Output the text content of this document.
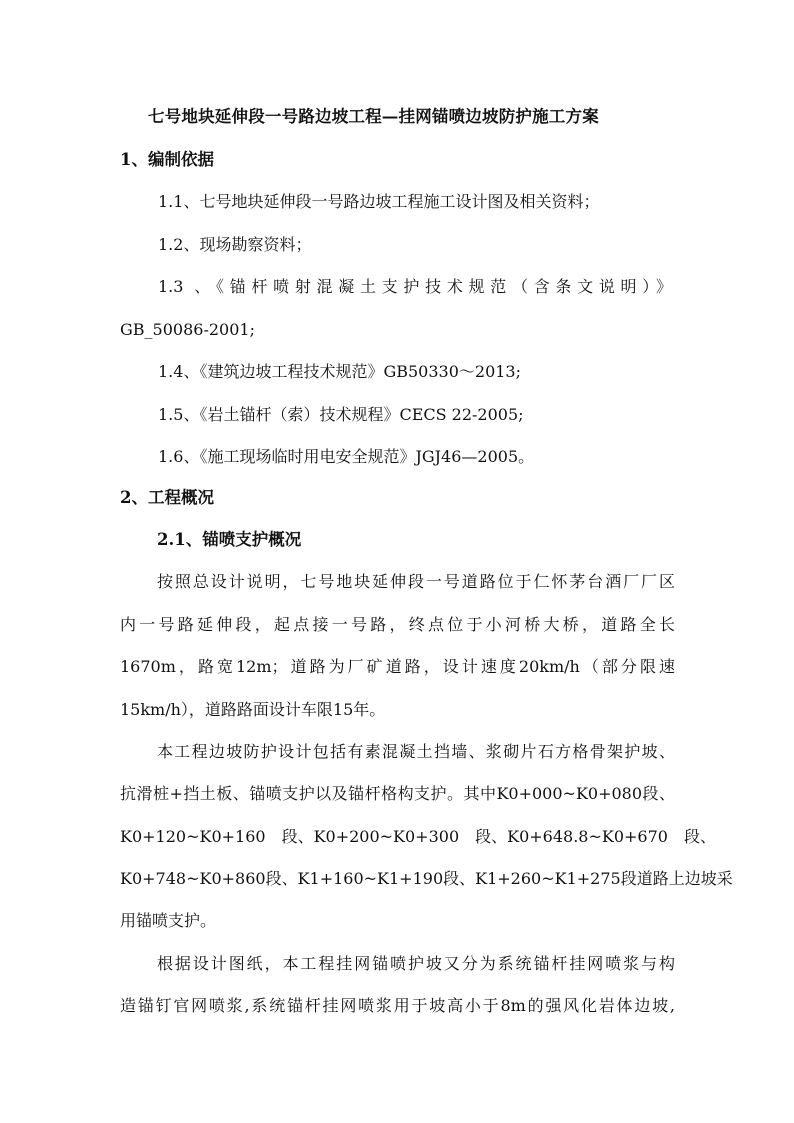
七号地块延伸段一号路边坡工程—挂网锚喷边坡防护施工方案
1、编制依据
1.1、七号地块延伸段一号路边坡工程施工设计图及相关资料；
1.2、现场勘察资料；
1.3 、《锚杆喷射混凝土支护技术规范（含条文说明）》
GB_50086-2001;
1.4、《建筑边坡工程技术规范》GB50330～2013;
1.5、《岩土锚杆（索）技术规程》CECS 22-2005;
1.6、《施工现场临时用电安全规范》JGJ46—2005。
2、工程概况
2.1、锚喷支护概况
按照总设计说明，七号地块延伸段一号道路位于仁怀茅台酒厂厂区
内一号路延伸段，起点接一号路，终点位于小河桥大桥，道路全长
1670m，路宽12m；道路为厂矿道路，设计速度20km/h（部分限速
15km/h），道路路面设计车限15年。
本工程边坡防护设计包括有素混凝土挡墙、浆砌片石方格骨架护坡、
抗滑桩+挡土板、锚喷支护以及锚杆格构支护。其中K0+000~K0+080段、
K0+120~K0+160　段、K0+200~K0+300　段、K0+648.8~K0+670　段、
K0+748~K0+860段、K1+160~K1+190段、K1+260~K1+275段道路上边坡采
用锚喷支护。
根据设计图纸，本工程挂网锚喷护坡又分为系统锚杆挂网喷浆与构
造锚钉官网喷浆,系统锚杆挂网喷浆用于坡高小于8m的强风化岩体边坡,
